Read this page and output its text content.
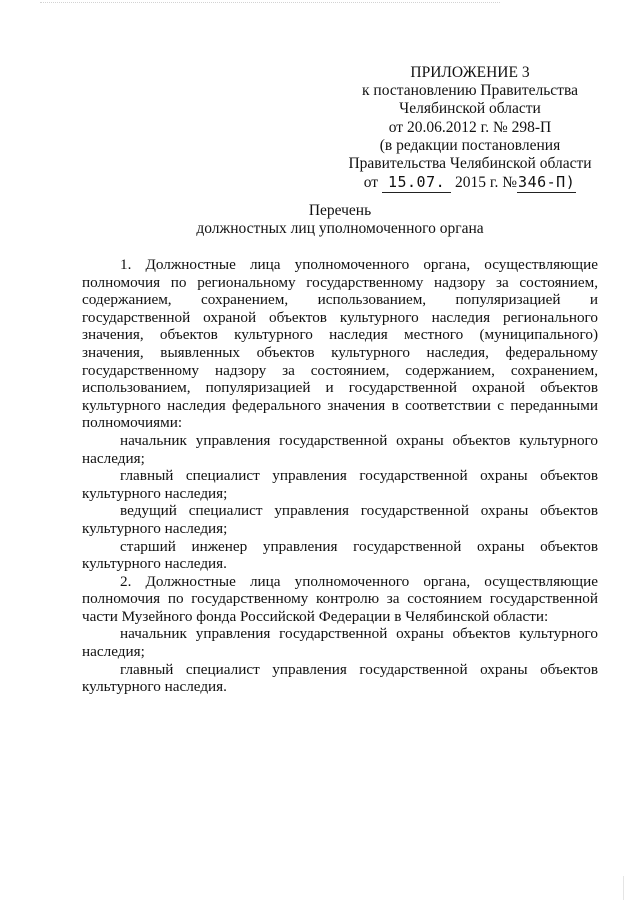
ПРИЛОЖЕНИЕ 3
к постановлению Правительства
Челябинской области
от 20.06.2012 г. № 298-П
(в редакции постановления
Правительства Челябинской области
от 15.07. 2015 г. №346-П)
Перечень
должностных лиц уполномоченного органа

1. Должностные лица уполномоченного органа, осуществляющие полномочия по региональному государственному надзору за состоянием, содержанием, сохранением, использованием, популяризацией и государственной охраной объектов культурного наследия регионального значения, объектов культурного наследия местного (муниципального) значения, выявленных объектов культурного наследия, федеральному государственному надзору за состоянием, содержанием, сохранением, использованием, популяризацией и государственной охраной объектов культурного наследия федерального значения в соответствии с переданными полномочиями:

начальник управления государственной охраны объектов культурного наследия;

главный специалист управления государственной охраны объектов культурного наследия;

ведущий специалист управления государственной охраны объектов культурного наследия;

старший инженер управления государственной охраны объектов культурного наследия.

2. Должностные лица уполномоченного органа, осуществляющие полномочия по государственному контролю за состоянием государственной части Музейного фонда Российской Федерации в Челябинской области:

начальник управления государственной охраны объектов культурного наследия;

главный специалист управления государственной охраны объектов культурного наследия.
